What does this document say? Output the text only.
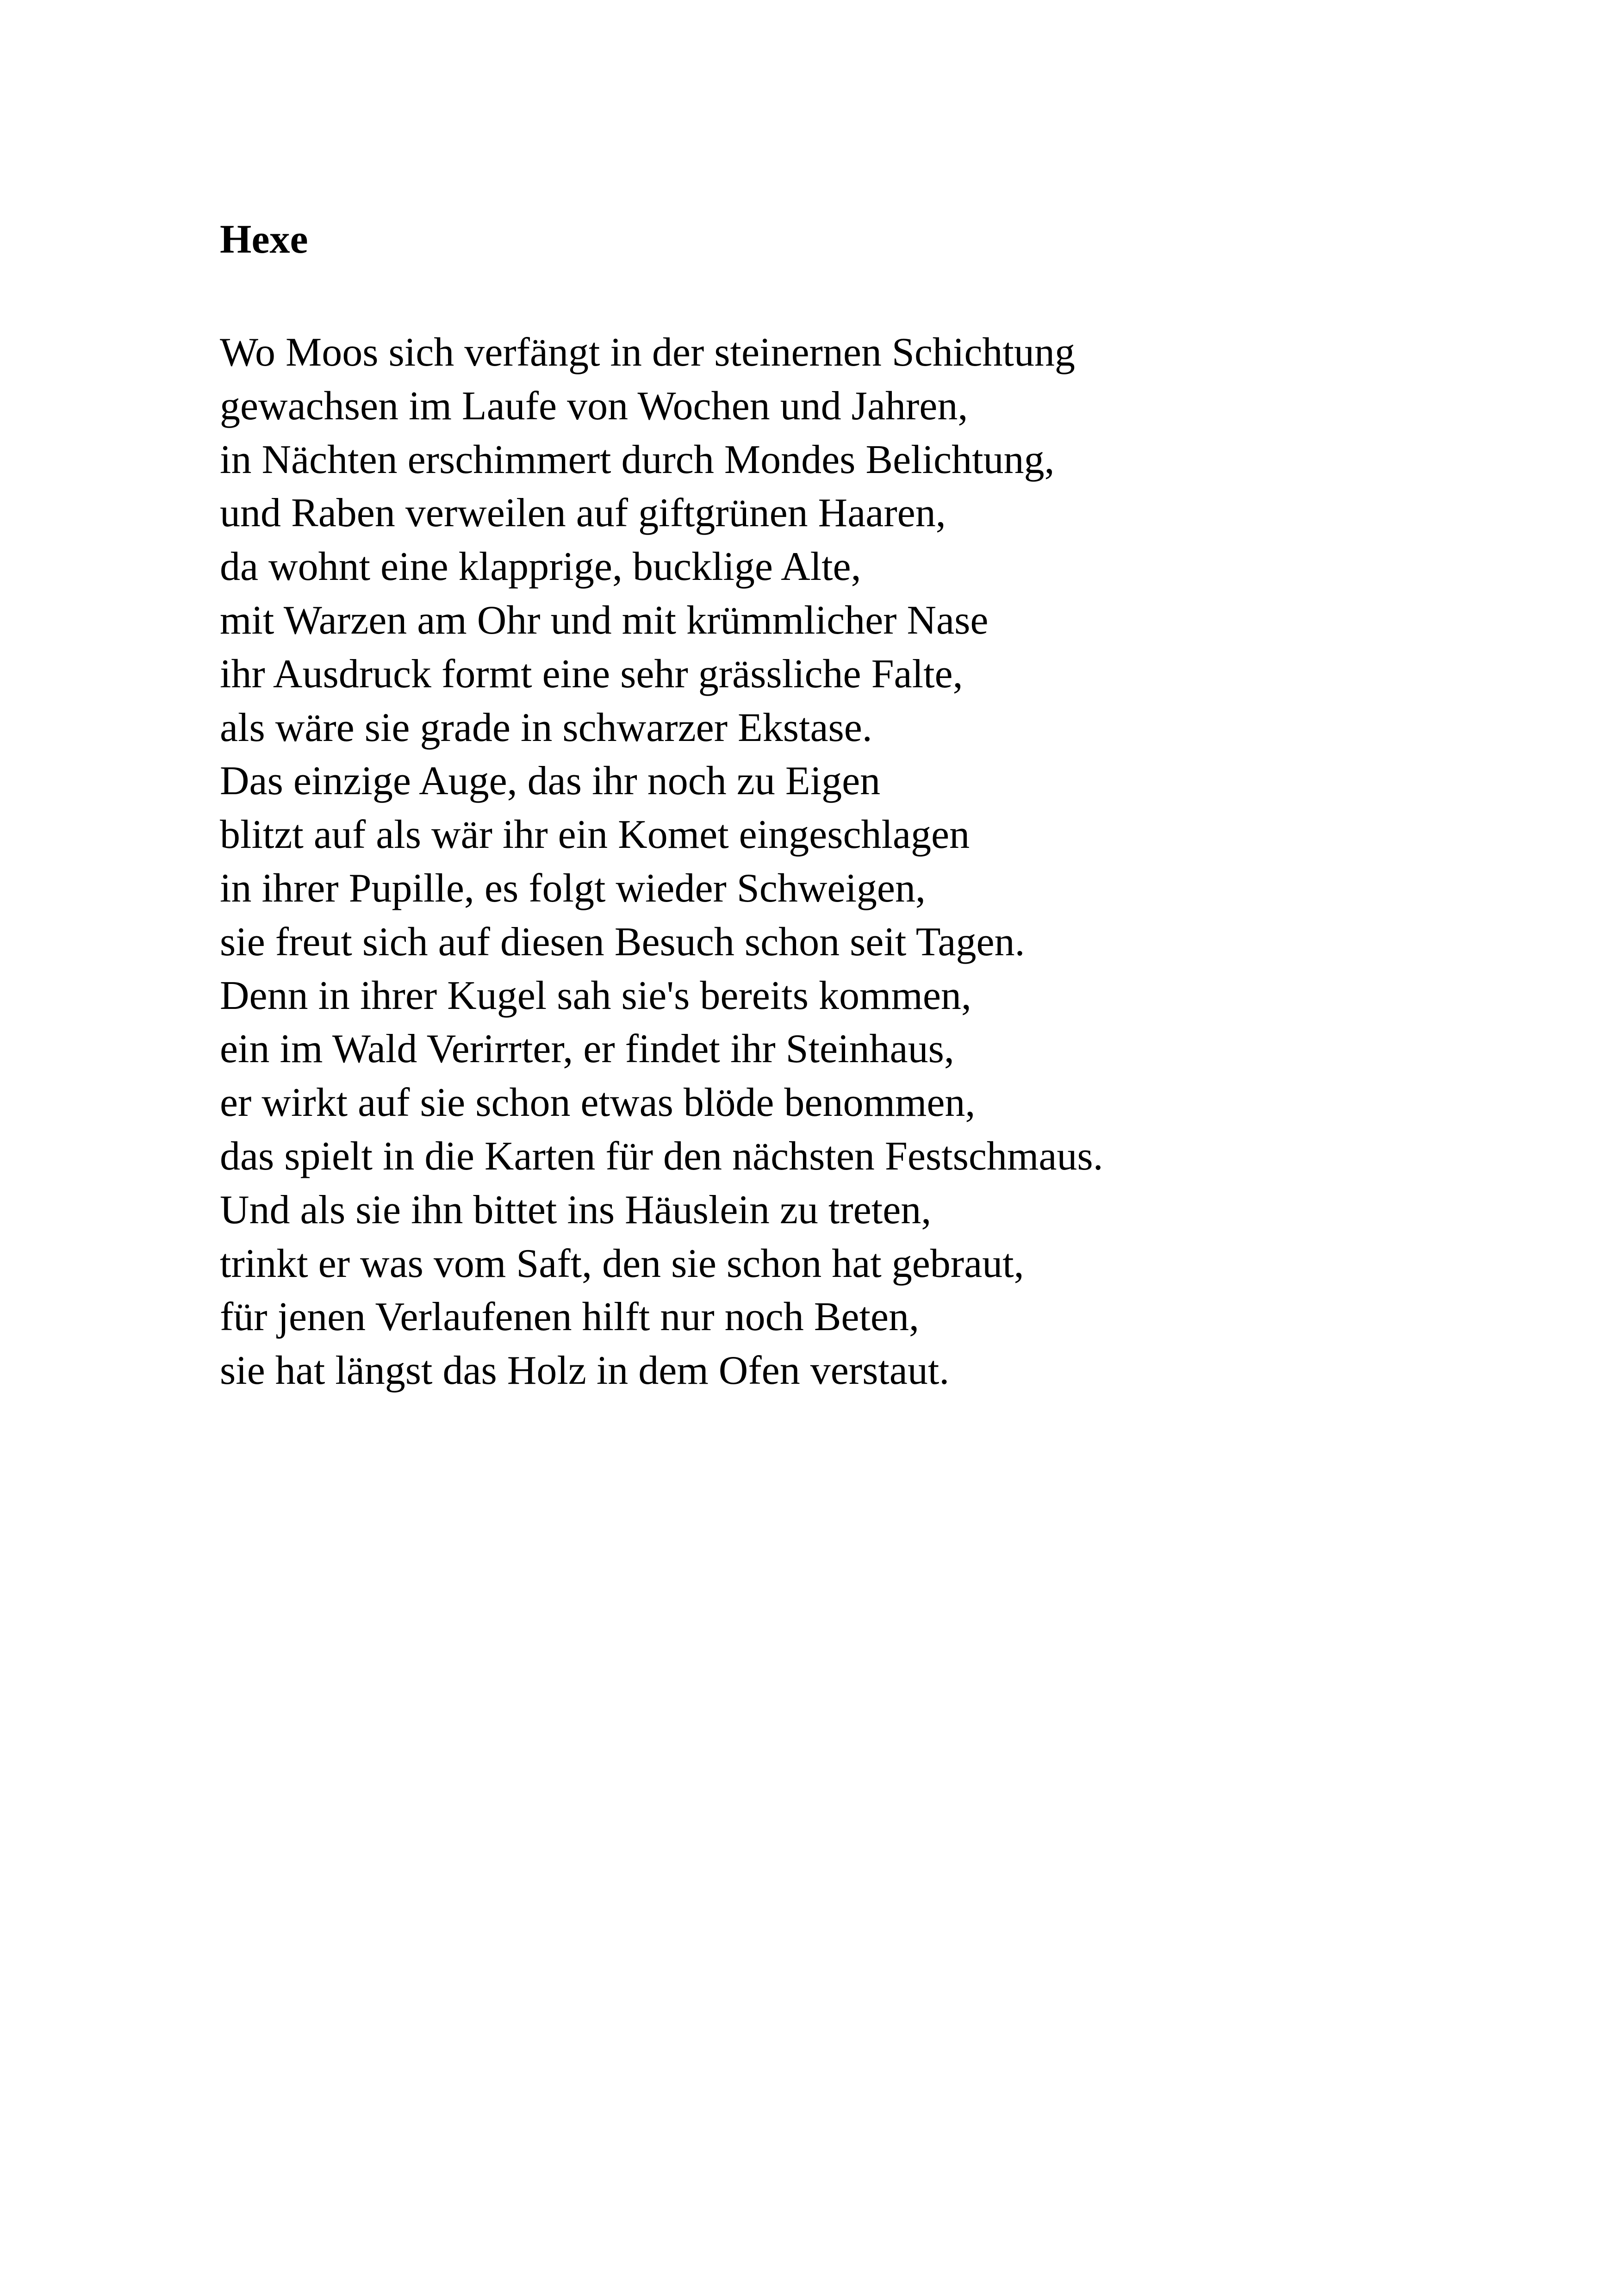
Hexe
Wo Moos sich verfängt in der steinernen Schichtung
gewachsen im Laufe von Wochen und Jahren,
in Nächten erschimmert durch Mondes Belichtung,
und Raben verweilen auf giftgrünen Haaren,
da wohnt eine klapprige, bucklige Alte,
mit Warzen am Ohr und mit krümmlicher Nase
ihr Ausdruck formt eine sehr grässliche Falte,
als wäre sie grade in schwarzer Ekstase.
Das einzige Auge, das ihr noch zu Eigen
blitzt auf als wär ihr ein Komet eingeschlagen
in ihrer Pupille, es folgt wieder Schweigen,
sie freut sich auf diesen Besuch schon seit Tagen.
Denn in ihrer Kugel sah sie's bereits kommen,
ein im Wald Verirrter, er findet ihr Steinhaus,
er wirkt auf sie schon etwas blöde benommen,
das spielt in die Karten für den nächsten Festschmaus.
Und als sie ihn bittet ins Häuslein zu treten,
trinkt er was vom Saft, den sie schon hat gebraut,
für jenen Verlaufenen hilft nur noch Beten,
sie hat längst das Holz in dem Ofen verstaut.
